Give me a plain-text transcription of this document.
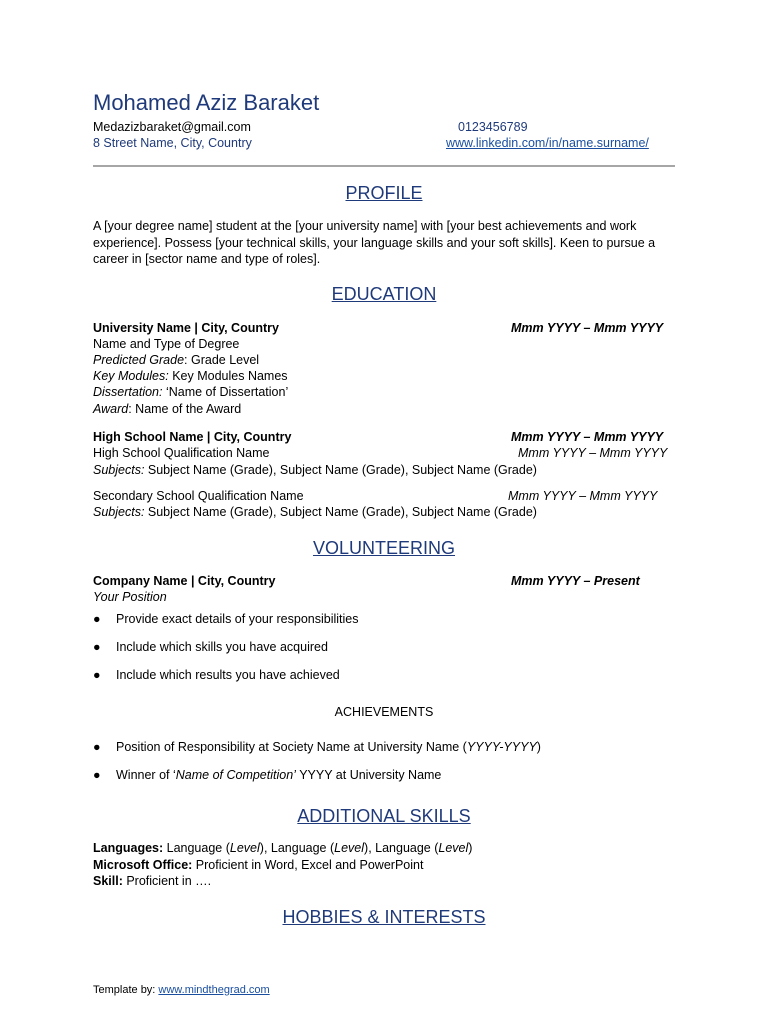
Mohamed Aziz Baraket
Medazizbaraket@gmail.com	0123456789
8 Street Name, City, Country	www.linkedin.com/in/name.surname/
PROFILE
A [your degree name] student at the [your university name] with [your best achievements and work experience]. Possess [your technical skills, your language skills and your soft skills]. Keen to pursue a career in [sector name and type of roles].
EDUCATION
University Name | City, Country	Mmm YYYY – Mmm YYYY
Name and Type of Degree
Predicted Grade: Grade Level
Key Modules: Key Modules Names
Dissertation: ‘Name of Dissertation’
Award: Name of the Award
High School Name | City, Country	Mmm YYYY – Mmm YYYY
High School Qualification Name	Mmm YYYY – Mmm YYYY
Subjects: Subject Name (Grade), Subject Name (Grade), Subject Name (Grade)
Secondary School Qualification Name	Mmm YYYY – Mmm YYYY
Subjects: Subject Name (Grade), Subject Name (Grade), Subject Name (Grade)
VOLUNTEERING
Company Name | City, Country	Mmm YYYY – Present
Your Position
● Provide exact details of your responsibilities
● Include which skills you have acquired
● Include which results you have achieved
ACHIEVEMENTS
● Position of Responsibility at Society Name at University Name (YYYY-YYYY)
● Winner of ‘Name of Competition’ YYYY at University Name
ADDITIONAL SKILLS
Languages: Language (Level), Language (Level), Language (Level)
Microsoft Office: Proficient in Word, Excel and PowerPoint
Skill: Proficient in ….
HOBBIES & INTERESTS
Template by: www.mindthegrad.com
